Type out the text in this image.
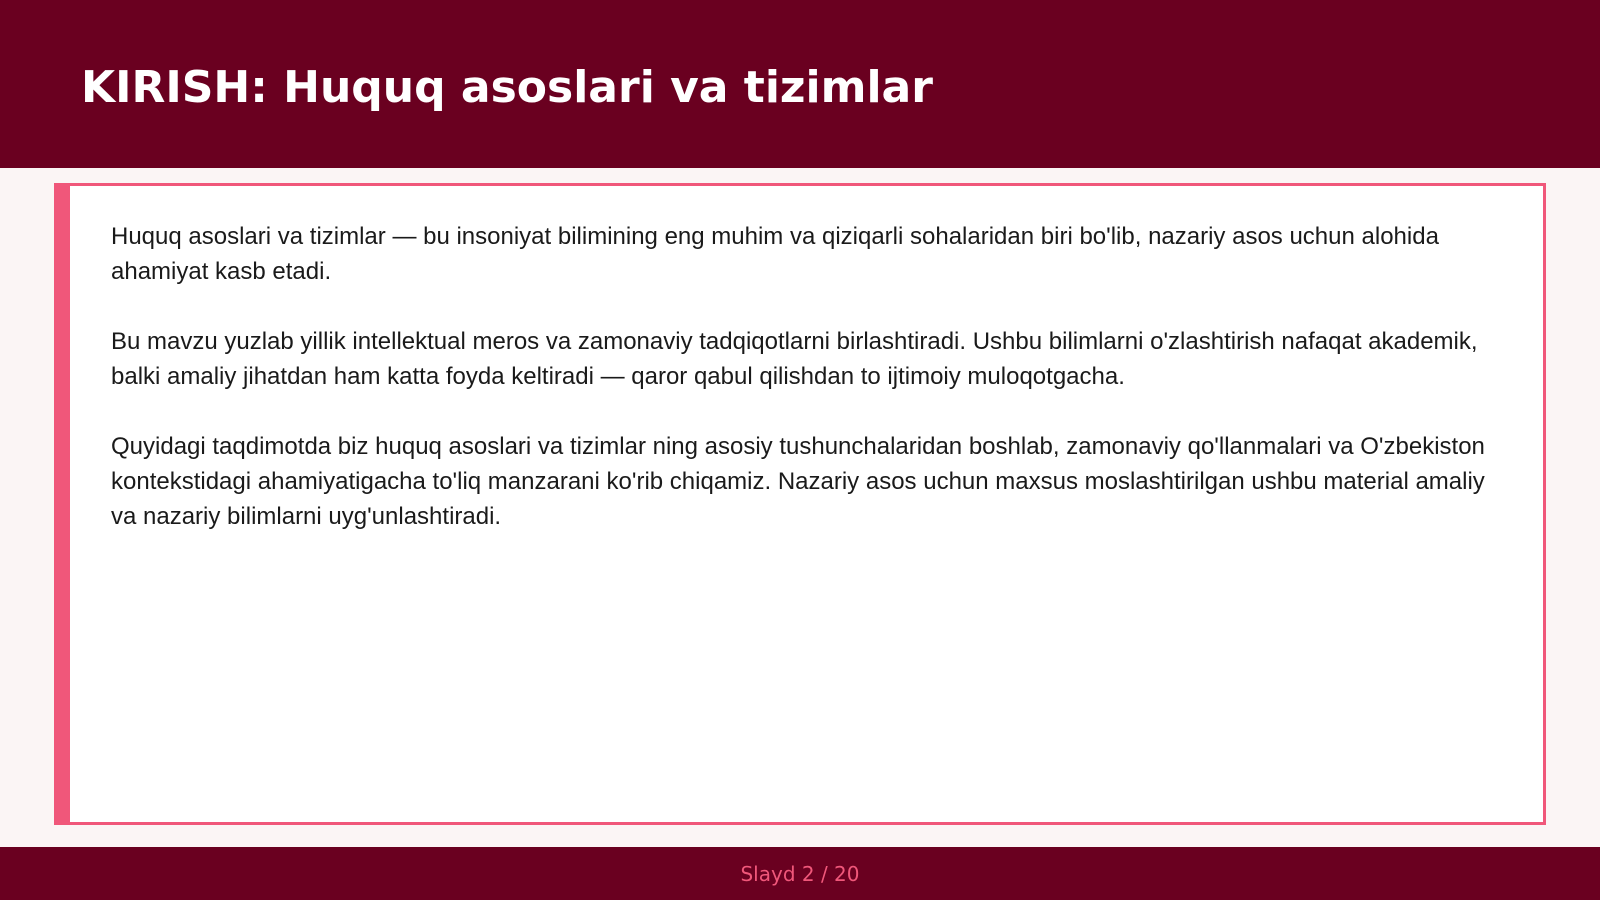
KIRISH: Huquq asoslari va tizimlar

Huquq asoslari va tizimlar — bu insoniyat bilimining eng muhim va qiziqarli sohalaridan biri bo'lib, nazariy asos uchun alohida ahamiyat kasb etadi.

Bu mavzu yuzlab yillik intellektual meros va zamonaviy tadqiqotlarni birlashtiradi. Ushbu bilimlarni o'zlashtirish nafaqat akademik, balki amaliy jihatdan ham katta foyda keltiradi — qaror qabul qilishdan to ijtimoiy muloqotgacha.

Quyidagi taqdimotda biz huquq asoslari va tizimlar ning asosiy tushunchalaridan boshlab, zamonaviy qo'llanmalari va O'zbekiston kontekstidagi ahamiyatigacha to'liq manzarani ko'rib chiqamiz. Nazariy asos uchun maxsus moslashtirilgan ushbu material amaliy va nazariy bilimlarni uyg'unlashtiradi.

Slayd 2 / 20
